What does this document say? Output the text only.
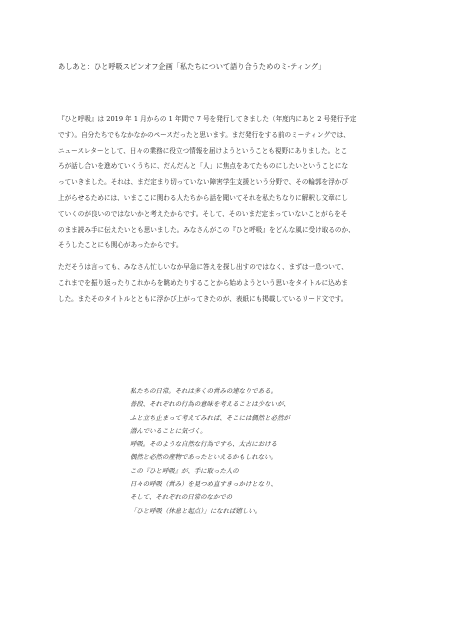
あしあと：ひと呼吸スピンオフ企画「私たちについて語り合うためのミ‐ティング」
『ひと呼吸』は 2019 年 1 月からの 1 年間で 7 号を発行してきました（年度内にあと 2 号発行予定
です）。自分たちでもなかなかのペースだったと思います。まだ発行をする前のミーティングでは、
ニュースレターとして、日々の業務に役立つ情報を届けようということも視野にありました。とこ
ろが話し合いを進めていくうちに、だんだんと「人」に焦点をあてたものにしたいということにな
っていきました。それは、まだ定まり切っていない障害学生支援という分野で、その輪郭を浮かび
上がらせるためには、いまここに関わる人たちから話を聞いてそれを私たちなりに解釈し文章にし
ていくのが良いのではないかと考えたからです。そして、そのいまだ定まっていないことがらをそ
のまま読み手に伝えたいとも思いました。みなさんがこの『ひと呼吸』をどんな風に受け取るのか、
そうしたことにも関心があったからです。
ただそうは言っても、みなさん忙しいなか早急に答えを探し出すのではなく、まずは一息ついて、
これまでを振り返ったりこれからを眺めたりすることから始めようという思いをタイトルに込めま
した。またそのタイトルとともに浮かび上がってきたのが、表紙にも掲載しているリード文です。
私たちの日常。それは多くの営みの連なりである。
普段、それぞれの行為の意味を考えることは少ないが、
ふと立ち止まって考えてみれば、そこには偶然と必然が
潜んでいることに気づく。
呼吸。そのような自然な行為ですら、太古における
偶然と必然の産物であったといえるかもしれない。
この『ひと呼吸』が、手に取った人の
日々の呼吸（営み）を見つめ直すきっかけとなり、
そして、それぞれの日常のなかでの
「ひと呼吸（休息と起点）」になれば嬉しい。
